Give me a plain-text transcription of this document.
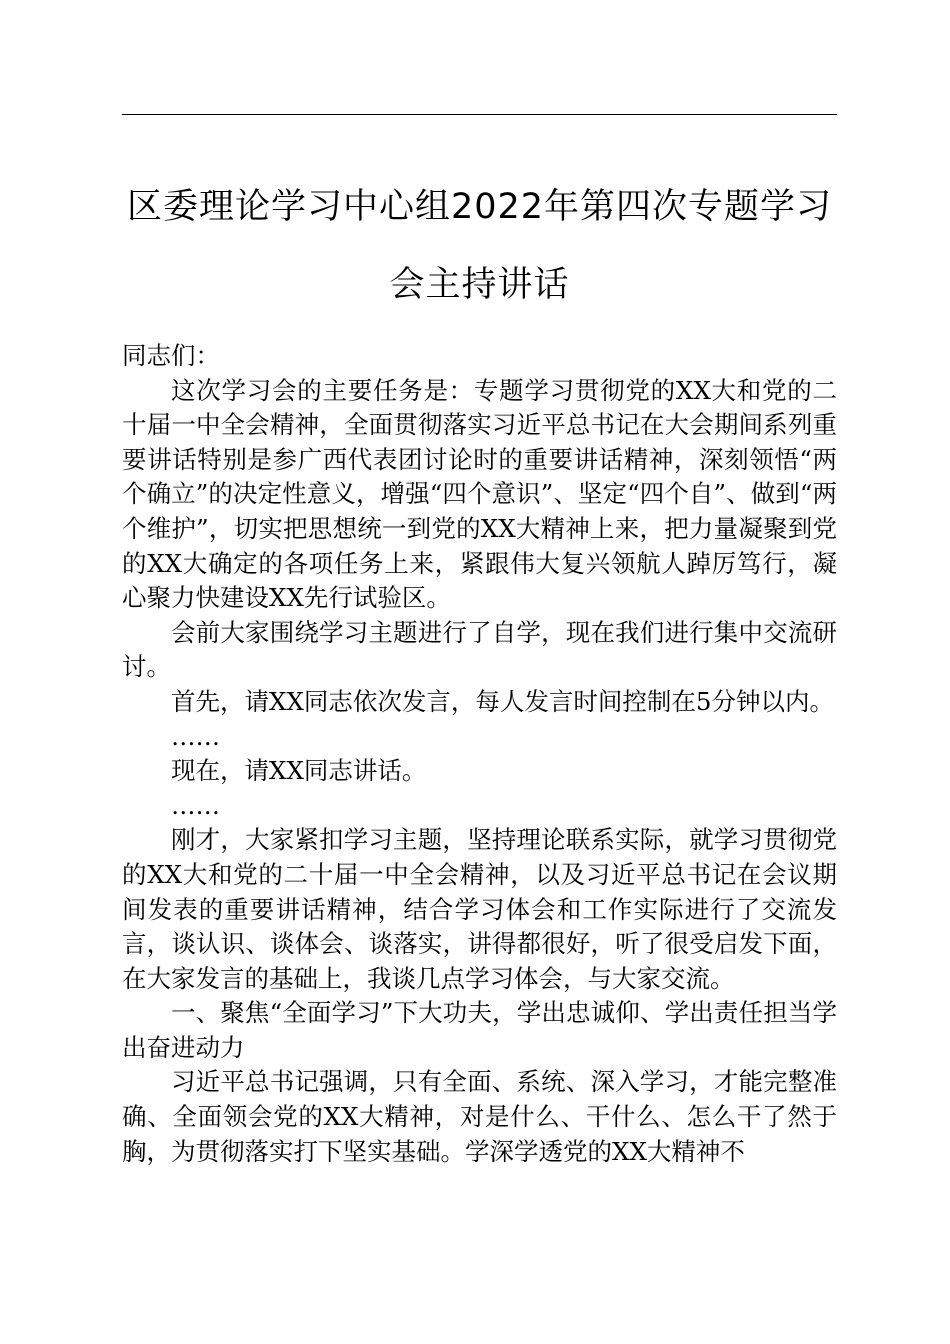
区委理论学习中心组2022年第四次专题学习
会主持讲话

同志们：

这次学习会的主要任务是：专题学习贯彻党的XX大和党的二十届一中全会精神，全面贯彻落实习近平总书记在大会期间系列重要讲话特别是参广西代表团讨论时的重要讲话精神，深刻领悟“两个确立”的决定性意义，增强“四个意识”、坚定“四个自”、做到“两个维护”，切实把思想统一到党的XX大精神上来，把力量凝聚到党的XX大确定的各项任务上来，紧跟伟大复兴领航人踔厉笃行，凝心聚力快建设XX先行试验区。

会前大家围绕学习主题进行了自学，现在我们进行集中交流研讨。

首先，请XX同志依次发言，每人发言时间控制在5分钟以内。

……

现在，请XX同志讲话。

……

刚才，大家紧扣学习主题，坚持理论联系实际，就学习贯彻党的XX大和党的二十届一中全会精神，以及习近平总书记在会议期间发表的重要讲话精神，结合学习体会和工作实际进行了交流发言，谈认识、谈体会、谈落实，讲得都很好，听了很受启发下面，在大家发言的基础上，我谈几点学习体会，与大家交流。

一、聚焦“全面学习”下大功夫，学出忠诚仰、学出责任担当学出奋进动力

习近平总书记强调，只有全面、系统、深入学习，才能完整准确、全面领会党的XX大精神，对是什么、干什么、怎么干了然于胸，为贯彻落实打下坚实基础。学深学透党的XX大精神不
